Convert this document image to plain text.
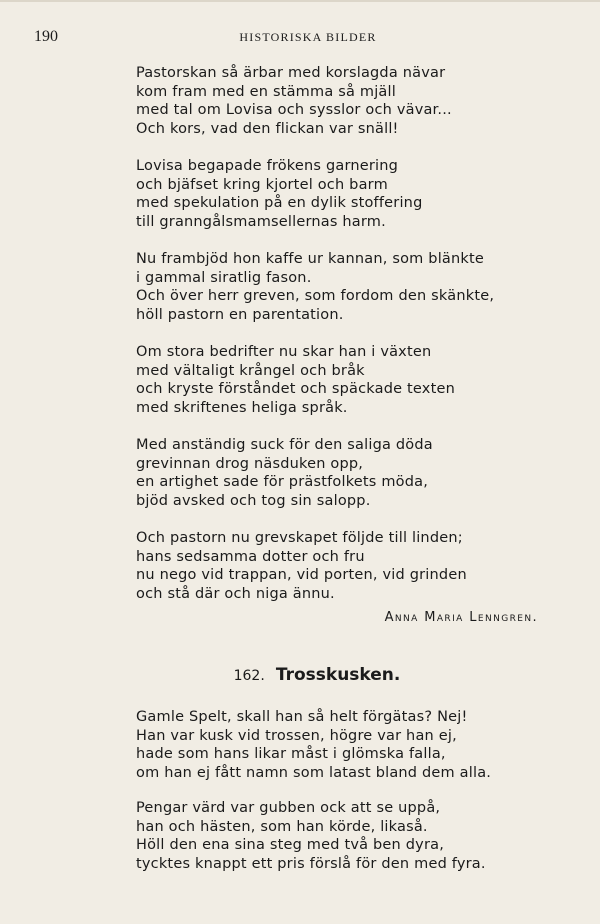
190	HISTORISKA BILDER
Pastorskan så ärbar med korslagda nävar
kom fram med en stämma så mjäll
med tal om Lovisa och sysslor och vävar...
Och kors, vad den flickan var snäll!
Lovisa begapade frökens garnering
och bjäfset kring kjortel och barm
med spekulation på en dylik stoffering
till granngålsmamsellernas harm.
Nu frambjöd hon kaffe ur kannan, som blänkte
i gammal siratlig fason.
Och över herr greven, som fordom den skänkte,
höll pastorn en parentation.
Om stora bedrifter nu skar han i växten
med vältaligt krångel och bråk
och kryste förståndet och späckade texten
med skriftenes heliga språk.
Med anständig suck för den saliga döda
grevinnan drog näsduken opp,
en artighet sade för prästfolkets möda,
bjöd avsked och tog sin salopp.
Och pastorn nu grevskapet följde till linden;
hans sedsamma dotter och fru
nu nego vid trappan, vid porten, vid grinden
och stå där och niga ännu.
Anna Maria Lenngren.
162. Trosskusken.
Gamle Spelt, skall han så helt förgätas? Nej!
Han var kusk vid trossen, högre var han ej,
hade som hans likar måst i glömska falla,
om han ej fått namn som latast bland dem alla.
Pengar värd var gubben ock att se uppå,
han och hästen, som han körde, likaså.
Höll den ena sina steg med två ben dyra,
tycktes knappt ett pris förslå för den med fyra.
